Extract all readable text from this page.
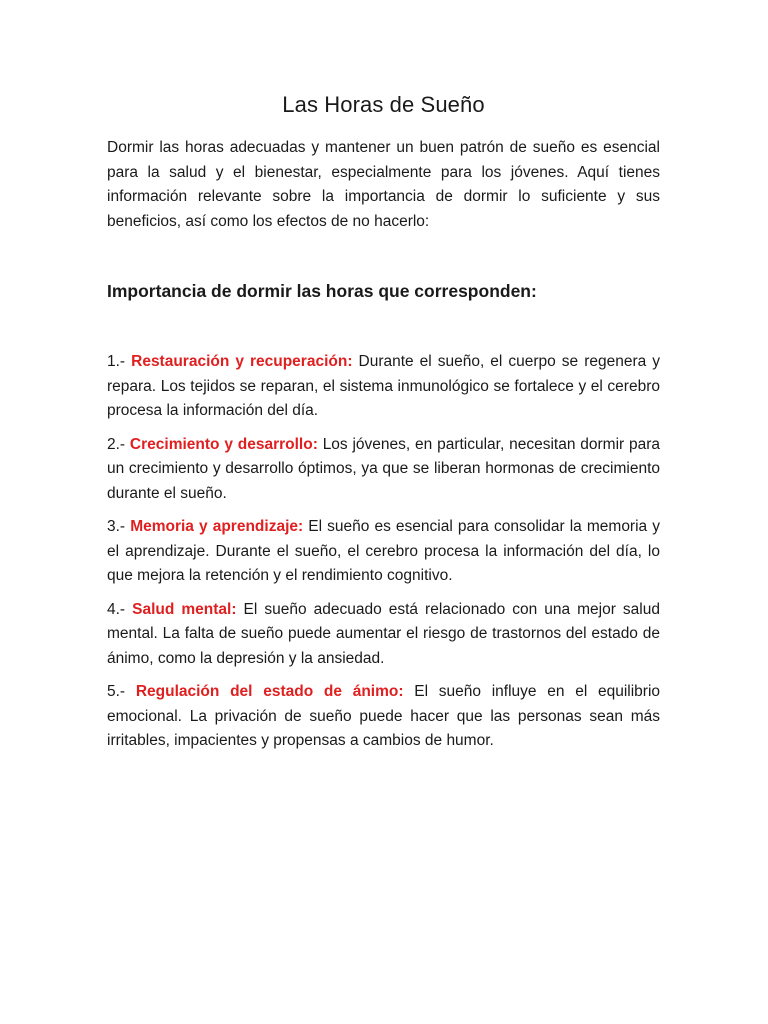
Las Horas de Sueño

Dormir las horas adecuadas y mantener un buen patrón de sueño es esencial para la salud y el bienestar, especialmente para los jóvenes. Aquí tienes información relevante sobre la importancia de dormir lo suficiente y sus beneficios, así como los efectos de no hacerlo:

Importancia de dormir las horas que corresponden:

1.- Restauración y recuperación: Durante el sueño, el cuerpo se regenera y repara. Los tejidos se reparan, el sistema inmunológico se fortalece y el cerebro procesa la información del día.

2.- Crecimiento y desarrollo: Los jóvenes, en particular, necesitan dormir para un crecimiento y desarrollo óptimos, ya que se liberan hormonas de crecimiento durante el sueño.

3.- Memoria y aprendizaje: El sueño es esencial para consolidar la memoria y el aprendizaje. Durante el sueño, el cerebro procesa la información del día, lo que mejora la retención y el rendimiento cognitivo.

4.- Salud mental: El sueño adecuado está relacionado con una mejor salud mental. La falta de sueño puede aumentar el riesgo de trastornos del estado de ánimo, como la depresión y la ansiedad.

5.- Regulación del estado de ánimo: El sueño influye en el equilibrio emocional. La privación de sueño puede hacer que las personas sean más irritables, impacientes y propensas a cambios de humor.
